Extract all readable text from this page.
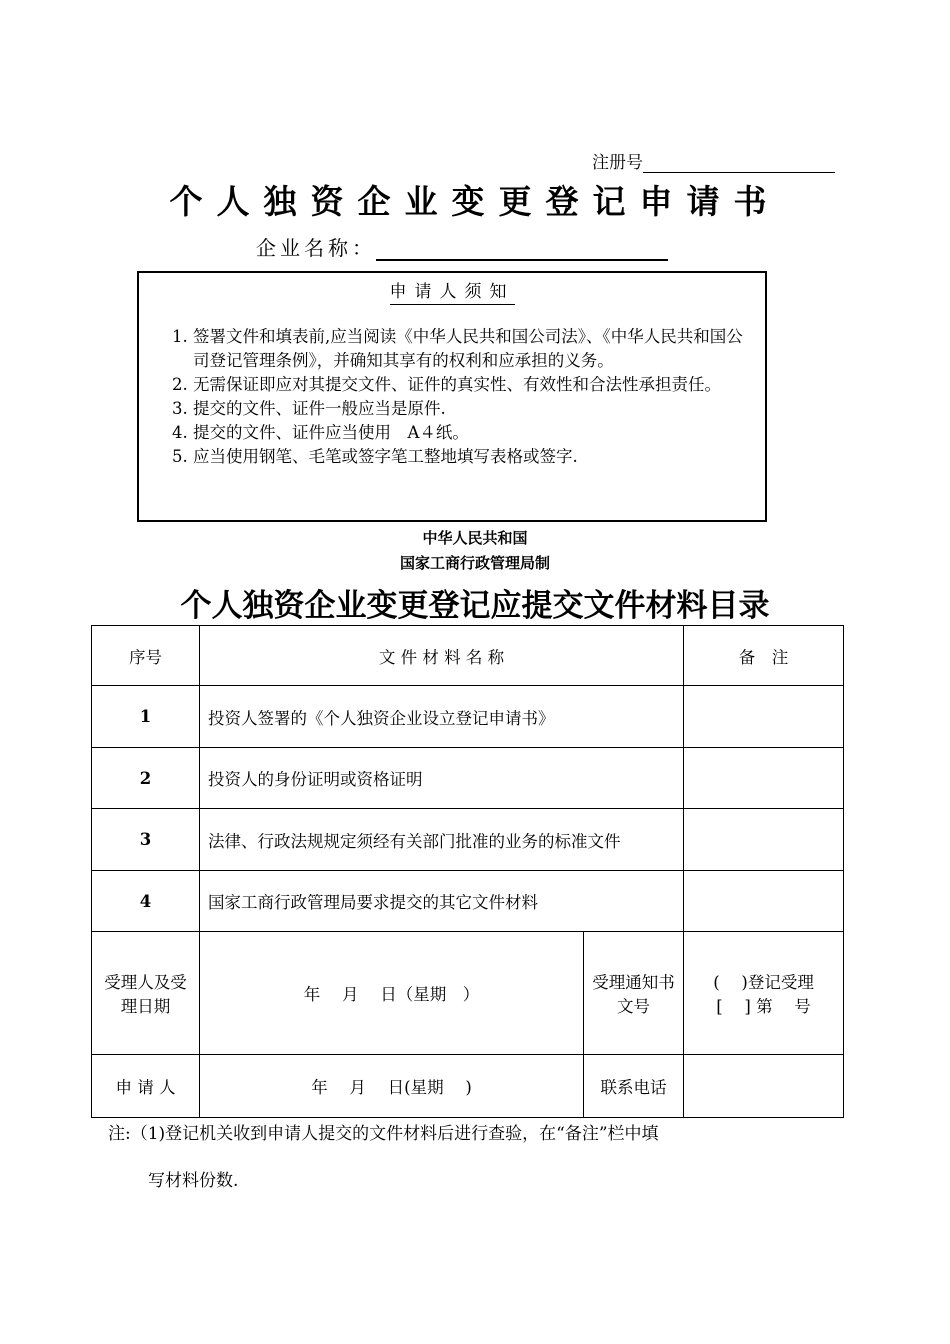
注册号
个人独资企业变更登记申请书
企业名称：
申请人须知
1. 签署文件和填表前,应当阅读《中华人民共和国公司法》、《中华人民共和国公司登记管理条例》，并确知其享有的权利和应承担的义务。
2. 无需保证即应对其提交文件、证件的真实性、有效性和合法性承担责任。
3. 提交的文件、证件一般应当是原件.
4. 提交的文件、证件应当使用　A４纸。
5. 应当使用钢笔、毛笔或签字笔工整地填写表格或签字.
中华人民共和国
国家工商行政管理局制
个人独资企业变更登记应提交文件材料目录
序号	文 件 材 料 名 称		备　注
1	投资人签署的《个人独资企业设立登记申请书》		
2	投资人的身份证明或资格证明		
3	法律、行政法规规定须经有关部门批准的业务的标准文件		
4	国家工商行政管理局要求提交的其它文件材料		
受理人及受理日期	年　 月　 日（星期　）	受理通知书文号	(　 )登记受理
[　 ] 第　 号

申 请 人	年　 月　 日(星期　 )	联系电话	
注:（1)登记机关收到申请人提交的文件材料后进行查验，在“备注”栏中填
写材料份数.
